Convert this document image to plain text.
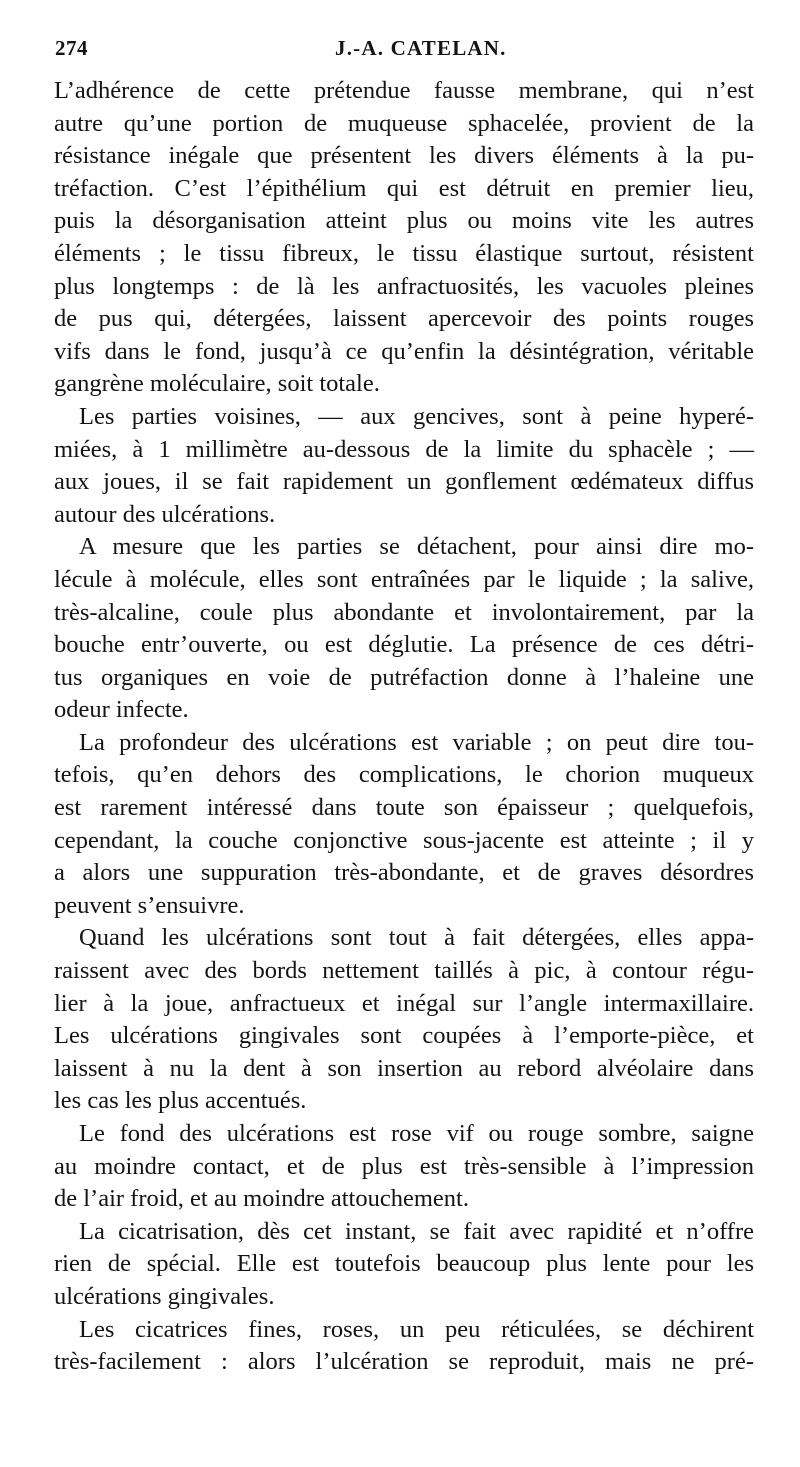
274	J.-A. CATELAN.
L’adhérence de cette prétendue fausse membrane, qui n’est
autre qu’une portion de muqueuse sphacelée, provient de la
résistance inégale que présentent les divers éléments à la pu-
tréfaction. C’est l’épithélium qui est détruit en premier lieu,
puis la désorganisation atteint plus ou moins vite les autres
éléments ; le tissu fibreux, le tissu élastique surtout, résistent
plus longtemps : de là les anfractuosités, les vacuoles pleines
de pus qui, détergées, laissent apercevoir des points rouges
vifs dans le fond, jusqu’à ce qu’enfin la désintégration, véritable
gangrène moléculaire, soit totale.
Les parties voisines, — aux gencives, sont à peine hyperé-
miées, à 1 millimètre au-dessous de la limite du sphacèle ; —
aux joues, il se fait rapidement un gonflement œdémateux diffus
autour des ulcérations.
A mesure que les parties se détachent, pour ainsi dire mo-
lécule à molécule, elles sont entraînées par le liquide ; la salive,
très-alcaline, coule plus abondante et involontairement, par la
bouche entr’ouverte, ou est déglutie. La présence de ces détri-
tus organiques en voie de putréfaction donne à l’haleine une
odeur infecte.
La profondeur des ulcérations est variable ; on peut dire tou-
tefois, qu’en dehors des complications, le chorion muqueux
est rarement intéressé dans toute son épaisseur ; quelquefois,
cependant, la couche conjonctive sous-jacente est atteinte ; il y
a alors une suppuration très-abondante, et de graves désordres
peuvent s’ensuivre.
Quand les ulcérations sont tout à fait détergées, elles appa-
raissent avec des bords nettement taillés à pic, à contour régu-
lier à la joue, anfractueux et inégal sur l’angle intermaxillaire.
Les ulcérations gingivales sont coupées à l’emporte-pièce, et
laissent à nu la dent à son insertion au rebord alvéolaire dans
les cas les plus accentués.
Le fond des ulcérations est rose vif ou rouge sombre, saigne
au moindre contact, et de plus est très-sensible à l’impression
de l’air froid, et au moindre attouchement.
La cicatrisation, dès cet instant, se fait avec rapidité et n’offre
rien de spécial. Elle est toutefois beaucoup plus lente pour les
ulcérations gingivales.
Les cicatrices fines, roses, un peu réticulées, se déchirent
très-facilement : alors l’ulcération se reproduit, mais ne pré-
